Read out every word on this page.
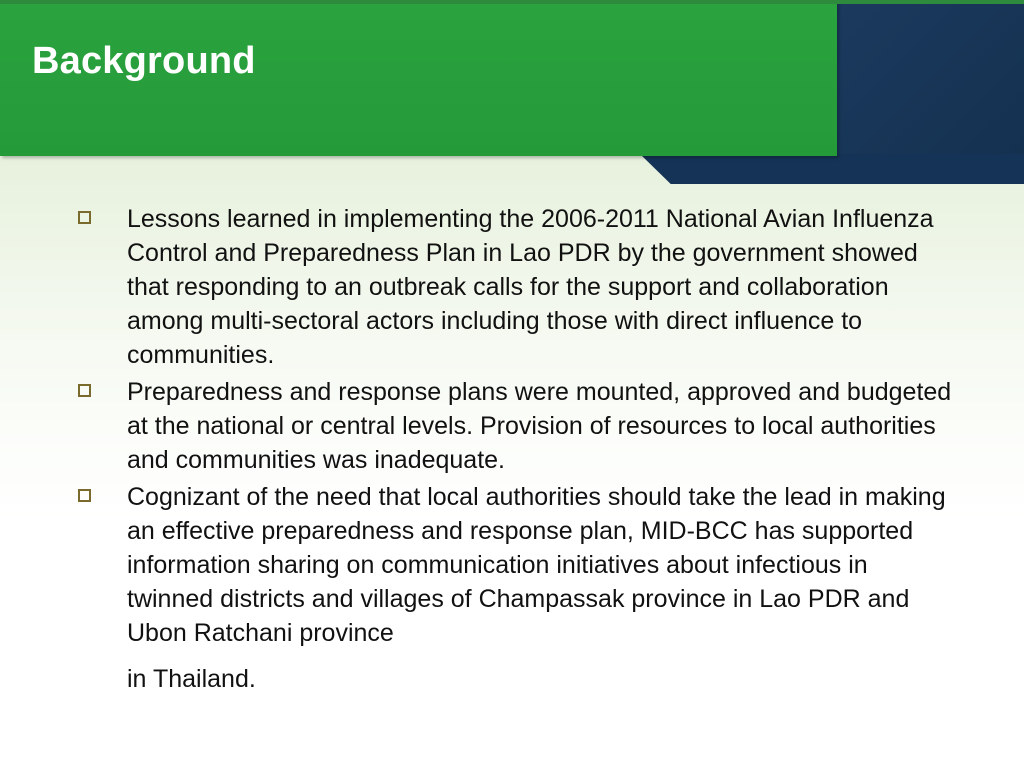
Background
Lessons learned in implementing the 2006-2011 National Avian Influenza Control and Preparedness Plan in Lao PDR by the government showed that responding to an outbreak calls for the support and collaboration among multi-sectoral actors including those with direct influence to communities.
Preparedness and response plans were mounted, approved and budgeted at the national or central levels. Provision of resources to local authorities and communities was inadequate.
Cognizant of the need that local authorities should take the lead in making an effective preparedness and response plan, MID-BCC has supported information sharing on communication initiatives about infectious in twinned districts and villages of Champassak province in Lao PDR and Ubon Ratchani province
in Thailand.
